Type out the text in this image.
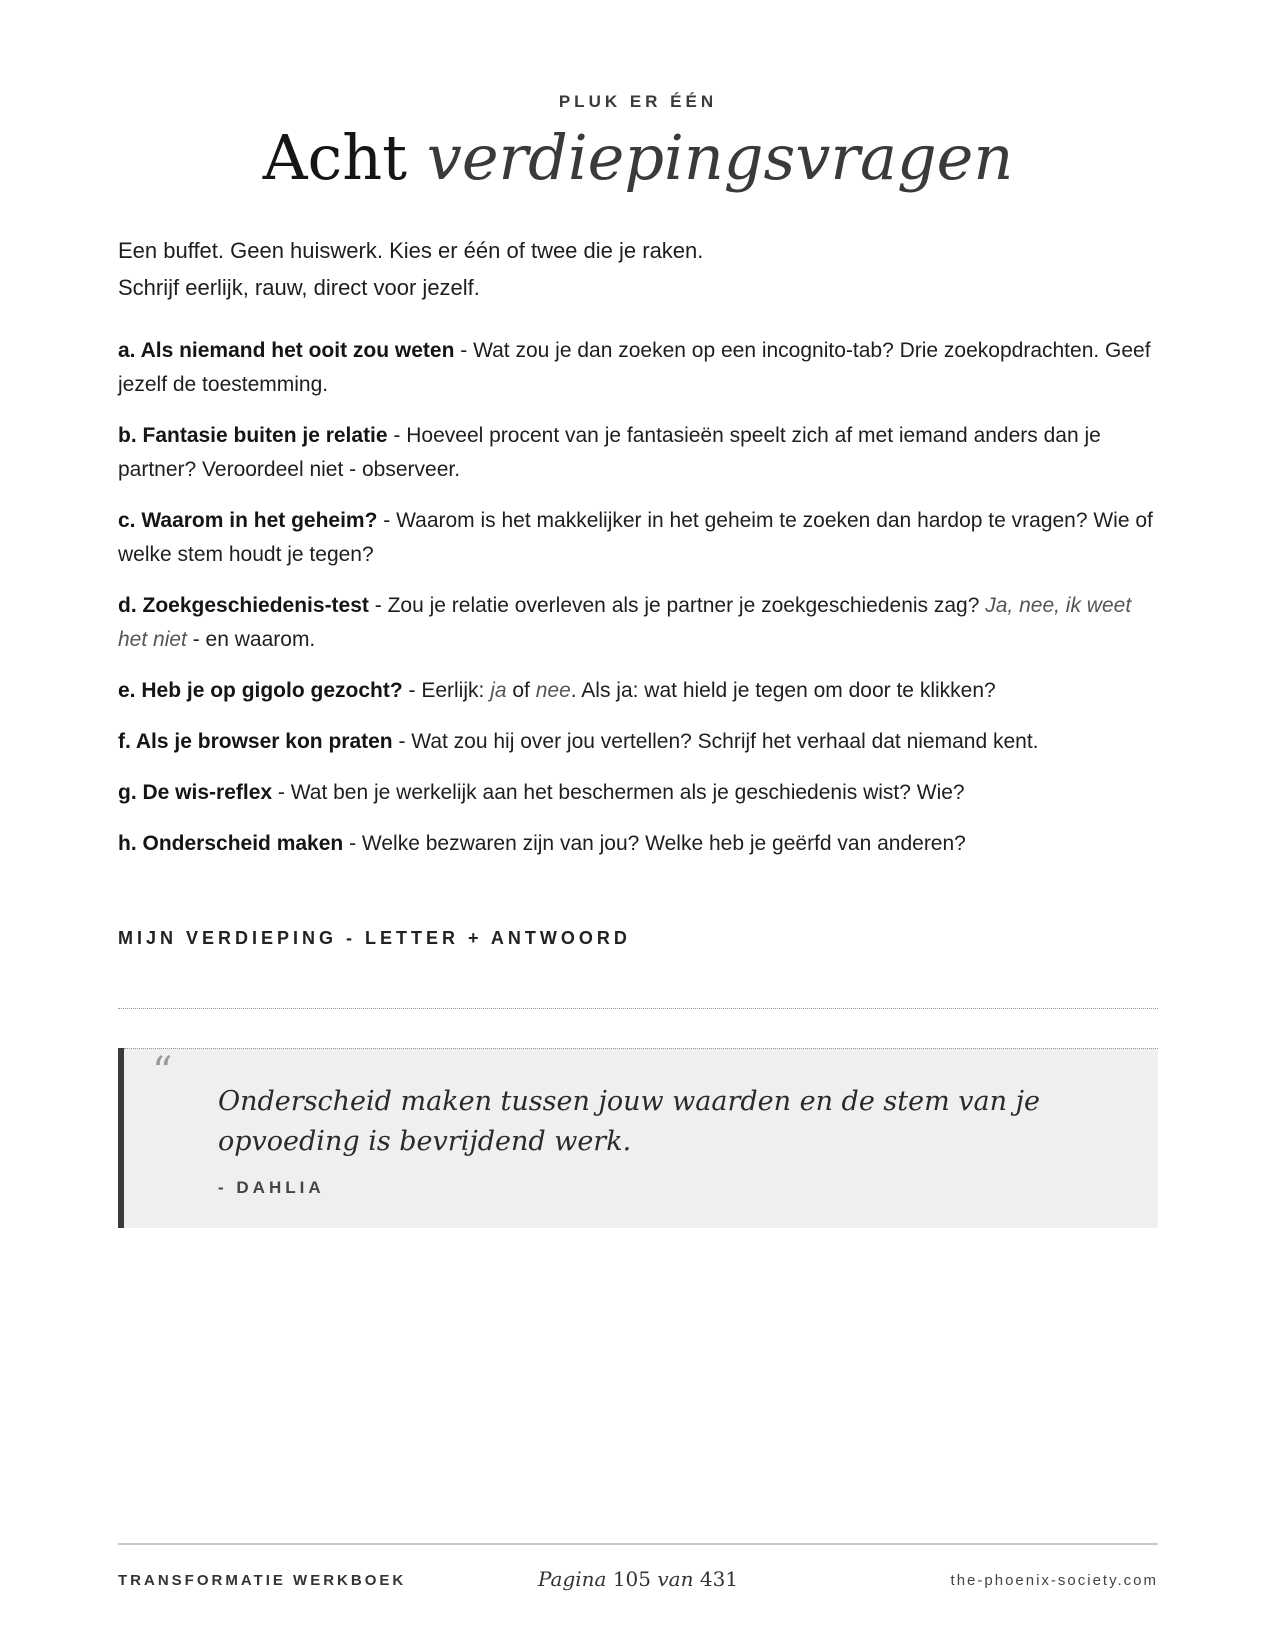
PLUK ER ÉÉN
Acht verdiepingsvragen
Een buffet. Geen huiswerk. Kies er één of twee die je raken.
Schrijf eerlijk, rauw, direct voor jezelf.

a. Als niemand het ooit zou weten - Wat zou je dan zoeken op een incognito-tab? Drie zoekopdrachten. Geef jezelf de toestemming.

b. Fantasie buiten je relatie - Hoeveel procent van je fantasieën speelt zich af met iemand anders dan je partner? Veroordeel niet - observeer.

c. Waarom in het geheim? - Waarom is het makkelijker in het geheim te zoeken dan hardop te vragen? Wie of welke stem houdt je tegen?

d. Zoekgeschiedenis-test - Zou je relatie overleven als je partner je zoekgeschiedenis zag? Ja, nee, ik weet het niet - en waarom.

e. Heb je op gigolo gezocht? - Eerlijk: ja of nee. Als ja: wat hield je tegen om door te klikken?

f. Als je browser kon praten - Wat zou hij over jou vertellen? Schrijf het verhaal dat niemand kent.

g. De wis-reflex - Wat ben je werkelijk aan het beschermen als je geschiedenis wist? Wie?

h. Onderscheid maken - Welke bezwaren zijn van jou? Welke heb je geërfd van anderen?

MIJN VERDIEPING - LETTER + ANTWOORD
“
Onderscheid maken tussen jouw waarden en de stem van je opvoeding is bevrijdend werk.
- DAHLIA
TRANSFORMATIE WERKBOEK	Pagina 105 van 431	the-phoenix-society.com
